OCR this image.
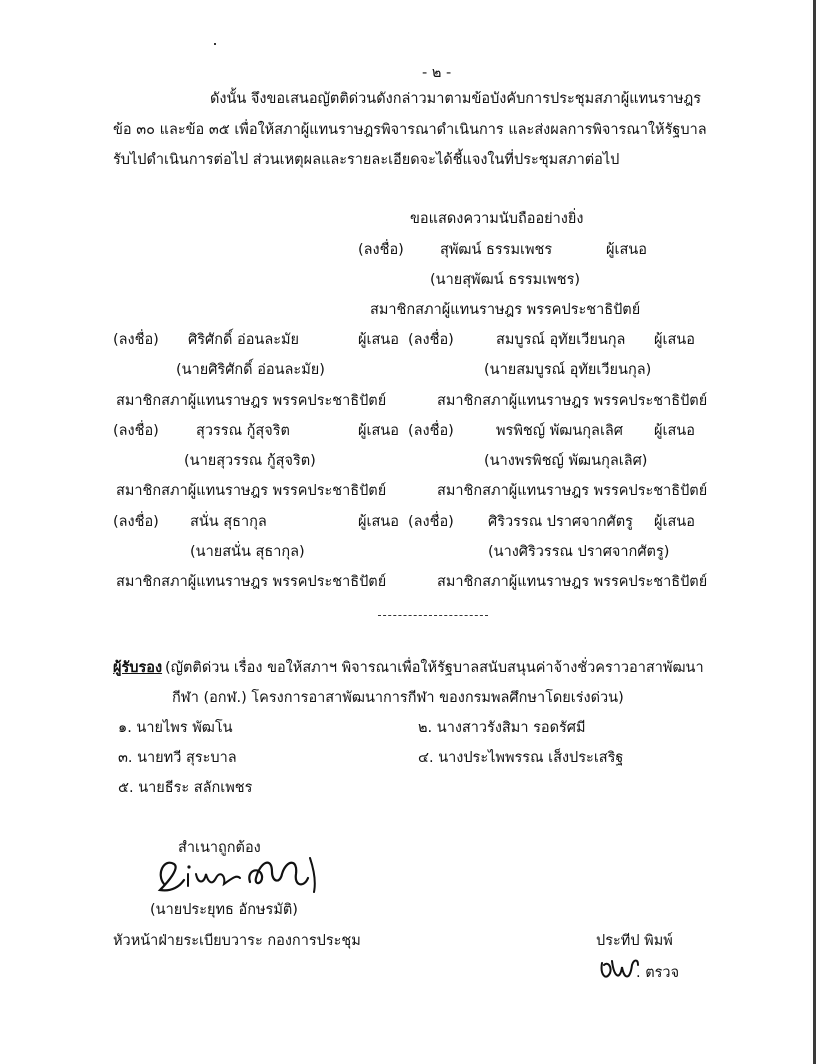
- ๒ -
ดังนั้น จึงขอเสนอญัตติด่วนดังกล่าวมาตามข้อบังคับการประชุมสภาผู้แทนราษฎร
ข้อ ๓๐ และข้อ ๓๕ เพื่อให้สภาผู้แทนราษฎรพิจารณาดำเนินการ และส่งผลการพิจารณาให้รัฐบาล
รับไปดำเนินการต่อไป ส่วนเหตุผลและรายละเอียดจะได้ชี้แจงในที่ประชุมสภาต่อไป
ขอแสดงความนับถืออย่างยิ่ง
(ลงชื่อ) สุพัฒน์ ธรรมเพชร	ผู้เสนอ
(นายสุพัฒน์ ธรรมเพชร)
สมาชิกสภาผู้แทนราษฎร พรรคประชาธิปัตย์
(ลงชื่อ) ศิริศักดิ์ อ่อนละมัย	ผู้เสนอ (ลงชื่อ)	สมบูรณ์ อุทัยเวียนกุล ผู้เสนอ
(นายศิริศักดิ์ อ่อนละมัย)	(นายสมบูรณ์ อุทัยเวียนกุล)
สมาชิกสภาผู้แทนราษฎร พรรคประชาธิปัตย์	สมาชิกสภาผู้แทนราษฎร พรรคประชาธิปัตย์
(ลงชื่อ)	สุวรรณ กู้สุจริต	ผู้เสนอ (ลงชื่อ)	พรพิชญ์ พัฒนกุลเลิศ ผู้เสนอ
(นายสุวรรณ กู้สุจริต)	(นางพรพิชญ์ พัฒนกุลเลิศ)
สมาชิกสภาผู้แทนราษฎร พรรคประชาธิปัตย์	สมาชิกสภาผู้แทนราษฎร พรรคประชาธิปัตย์
(ลงชื่อ) สนั่น สุธากุล	ผู้เสนอ (ลงชื่อ) ศิริวรรณ ปราศจากศัตรู ผู้เสนอ
(นายสนั่น สุธากุล)	(นางศิริวรรณ ปราศจากศัตรู)
สมาชิกสภาผู้แทนราษฎร พรรคประชาธิปัตย์	สมาชิกสภาผู้แทนราษฎร พรรคประชาธิปัตย์
ผู้รับรอง (ญัตติด่วน เรื่อง ขอให้สภาฯ พิจารณาเพื่อให้รัฐบาลสนับสนุนค่าจ้างชั่วคราวอาสาพัฒนา
กีฬา (อกฬ.) โครงการอาสาพัฒนาการกีฬา ของกรมพลศึกษาโดยเร่งด่วน)
๑. นายไพร พัฒโน	๒. นางสาวรังสิมา รอดรัศมี
๓. นายทวี สุระบาล	๔. นางประไพพรรณ เส็งประเสริฐ
๕. นายธีระ สลักเพชร
สำเนาถูกต้อง
(นายประยุทธ อักษรมัติ)
หัวหน้าฝ่ายระเบียบวาระ กองการประชุม	ประทีป พิมพ์
. ตรวจ
